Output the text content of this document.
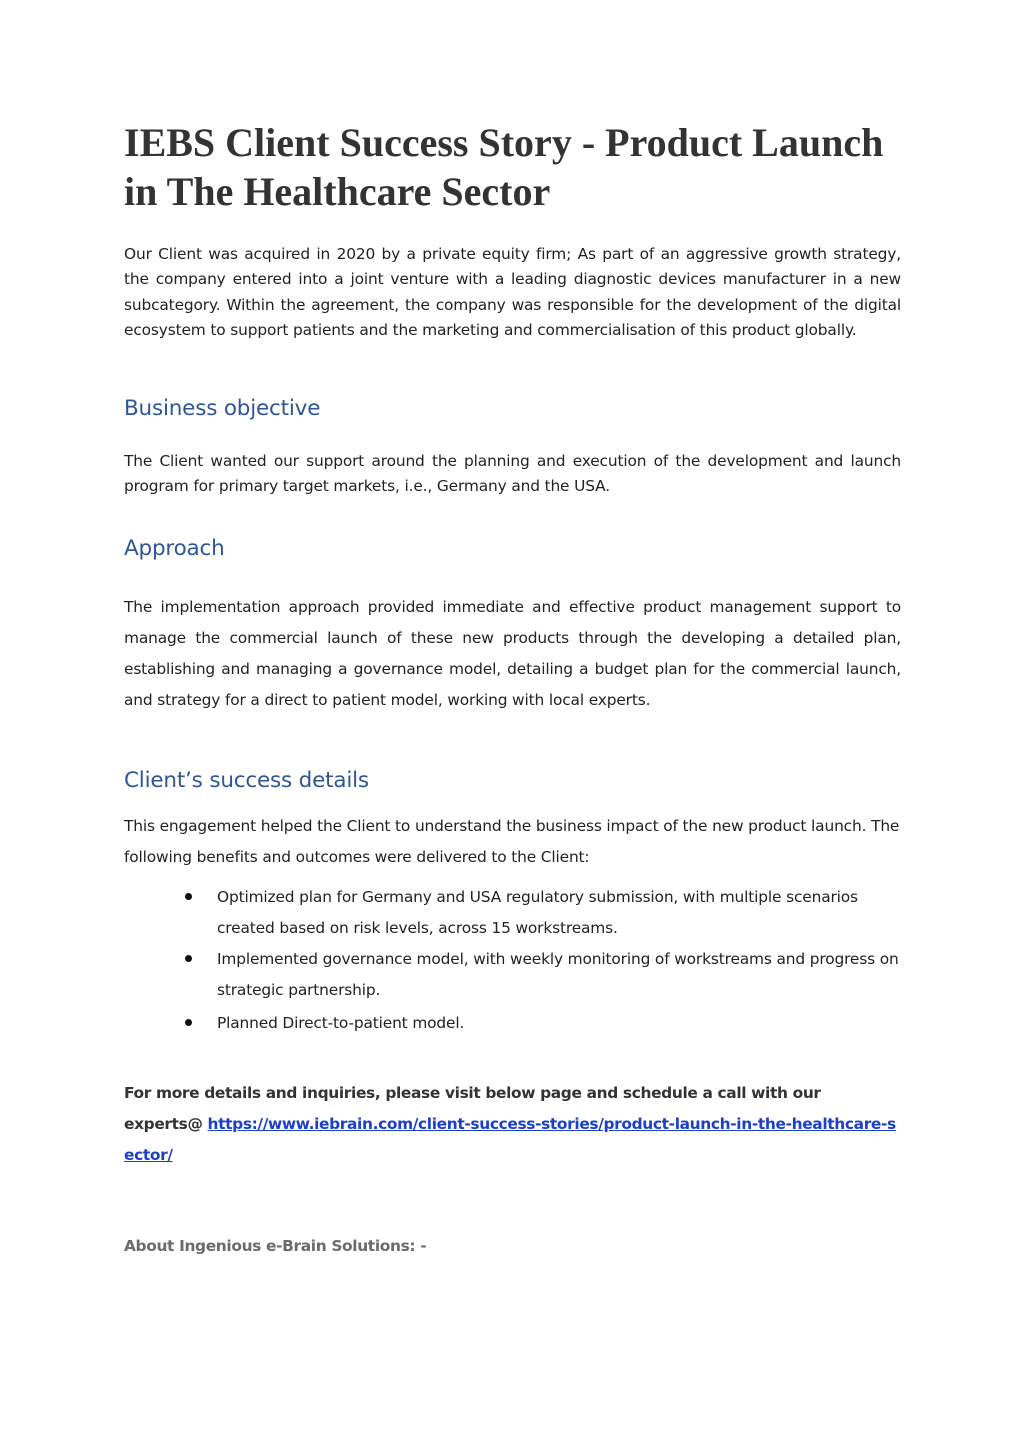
IEBS Client Success Story - Product Launch in The Healthcare Sector

Our Client was acquired in 2020 by a private equity firm; As part of an aggressive growth strategy, the company entered into a joint venture with a leading diagnostic devices manufacturer in a new subcategory. Within the agreement, the company was responsible for the development of the digital ecosystem to support patients and the marketing and commercialisation of this product globally.

Business objective

The Client wanted our support around the planning and execution of the development and launch program for primary target markets, i.e., Germany and the USA.

Approach

The implementation approach provided immediate and effective product management support to manage the commercial launch of these new products through the developing a detailed plan, establishing and managing a governance model, detailing a budget plan for the commercial launch, and strategy for a direct to patient model, working with local experts.

Client’s success details

This engagement helped the Client to understand the business impact of the new product launch. The following benefits and outcomes were delivered to the Client:

Optimized plan for Germany and USA regulatory submission, with multiple scenarios created based on risk levels, across 15 workstreams.
Implemented governance model, with weekly monitoring of workstreams and progress on strategic partnership.
Planned Direct-to-patient model.

For more details and inquiries, please visit below page and schedule a call with our experts@ https://www.iebrain.com/client-success-stories/product-launch-in-the-healthcare-sector/

About Ingenious e-Brain Solutions: -
